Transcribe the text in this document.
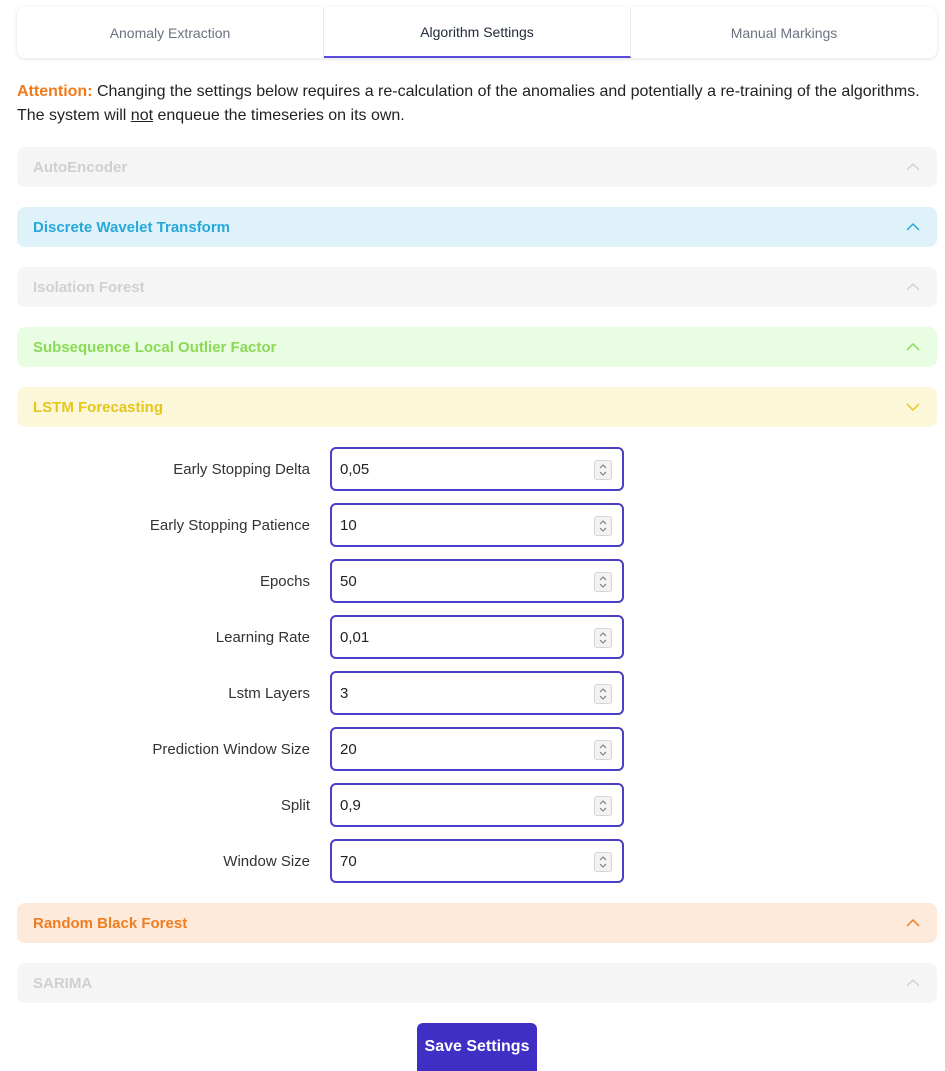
Anomaly Extraction	Algorithm Settings	Manual Markings
Attention: Changing the settings below requires a re-calculation of the anomalies and potentially a re-training of the algorithms. The system will not enqueue the timeseries on its own.
AutoEncoder
Discrete Wavelet Transform
Isolation Forest
Subsequence Local Outlier Factor
LSTM Forecasting
Early Stopping Delta
0,05
Early Stopping Patience
10
Epochs
50
Learning Rate
0,01
Lstm Layers
3
Prediction Window Size
20
Split
0,9
Window Size
70
Random Black Forest
SARIMA
Save Settings
